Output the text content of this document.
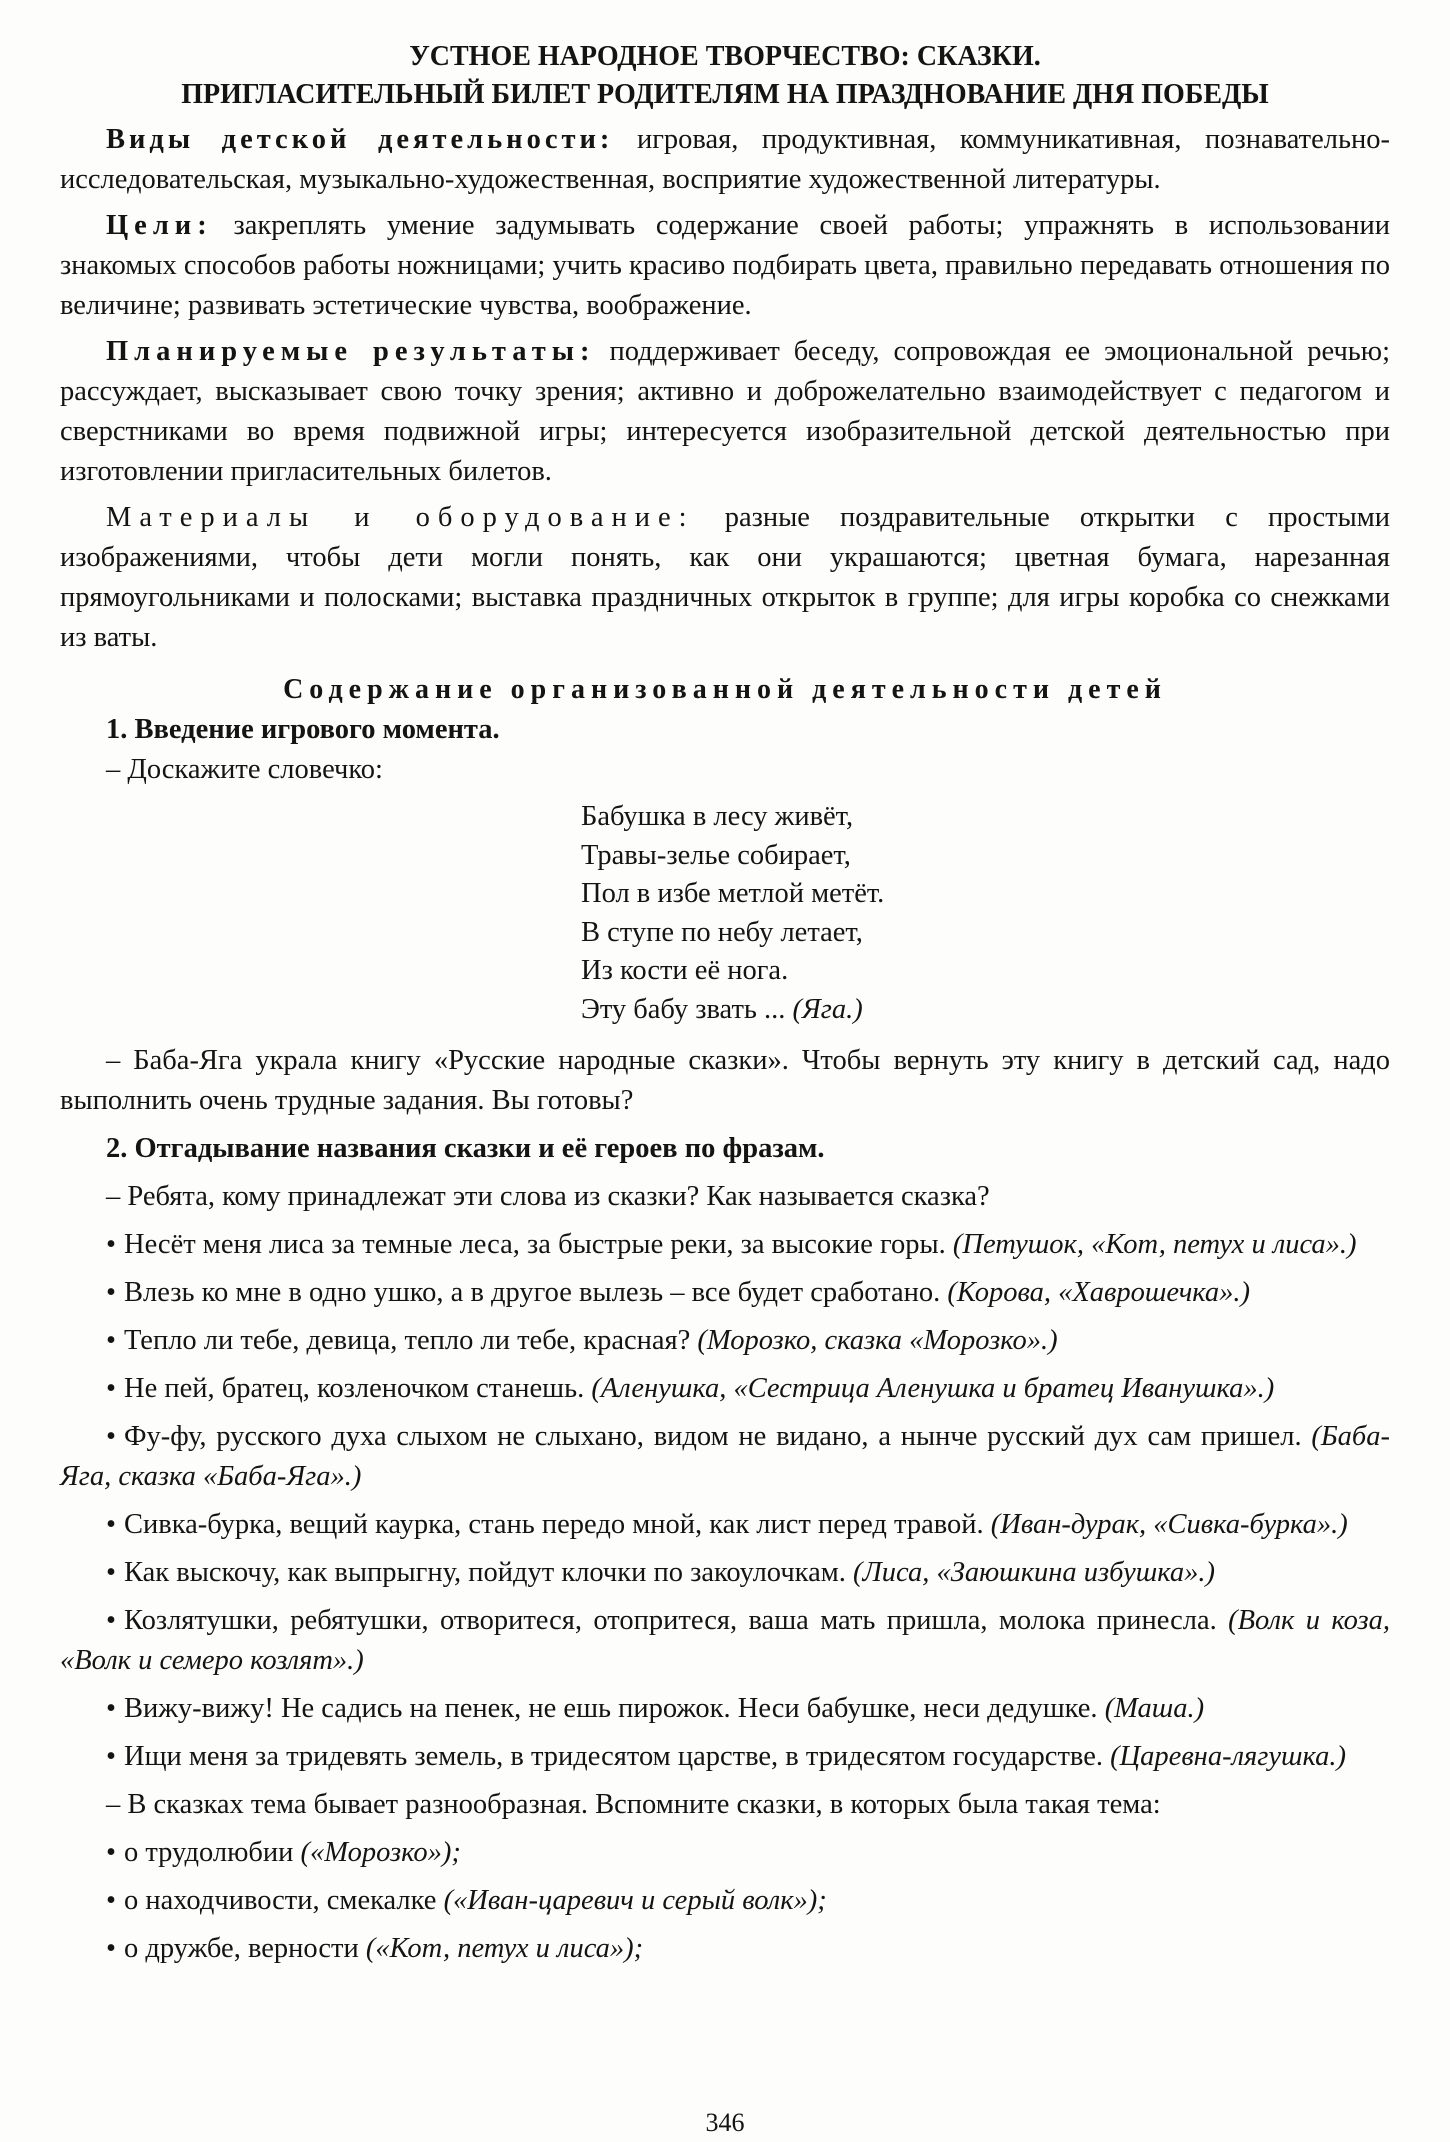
УСТНОЕ НАРОДНОЕ ТВОРЧЕСТВО: СКАЗКИ.
ПРИГЛАСИТЕЛЬНЫЙ БИЛЕТ РОДИТЕЛЯМ НА ПРАЗДНОВАНИЕ ДНЯ ПОБЕДЫ

Виды детской деятельности: игровая, продуктивная, коммуникативная, познавательно-исследовательская, музыкально-художественная, восприятие художественной литературы.

Цели: закреплять умение задумывать содержание своей работы; упражнять в использовании знакомых способов работы ножницами; учить красиво подбирать цвета, правильно передавать отношения по величине; развивать эстетические чувства, воображение.

Планируемые результаты: поддерживает беседу, сопровождая ее эмоциональной речью; рассуждает, высказывает свою точку зрения; активно и доброжелательно взаимодействует с педагогом и сверстниками во время подвижной игры; интересуется изобразительной детской деятельностью при изготовлении пригласительных билетов.

Материалы и оборудование: разные поздравительные открытки с простыми изображениями, чтобы дети могли понять, как они украшаются; цветная бумага, нарезанная прямоугольниками и полосками; выставка праздничных открыток в группе; для игры коробка со снежками из ваты.

Содержание организованной деятельности детей

1. Введение игрового момента.

– Доскажите словечко:

Бабушка в лесу живёт,
Травы-зелье собирает,
Пол в избе метлой метёт.
В ступе по небу летает,
Из кости её нога.
Эту бабу звать ... (Яга.)

– Баба-Яга украла книгу «Русские народные сказки». Чтобы вернуть эту книгу в детский сад, надо выполнить очень трудные задания. Вы готовы?

2. Отгадывание названия сказки и её героев по фразам.

– Ребята, кому принадлежат эти слова из сказки? Как называется сказка?

• Несёт меня лиса за темные леса, за быстрые реки, за высокие горы. (Петушок, «Кот, петух и лиса».)

• Влезь ко мне в одно ушко, а в другое вылезь – все будет сработано. (Корова, «Хаврошечка».)

• Тепло ли тебе, девица, тепло ли тебе, красная? (Морозко, сказка «Морозко».)

• Не пей, братец, козленочком станешь. (Аленушка, «Сестрица Аленушка и братец Иванушка».)

• Фу-фу, русского духа слыхом не слыхано, видом не видано, а нынче русский дух сам пришел. (Баба-Яга, сказка «Баба-Яга».)

• Сивка-бурка, вещий каурка, стань передо мной, как лист перед травой. (Иван-дурак, «Сивка-бурка».)

• Как выскочу, как выпрыгну, пойдут клочки по закоулочкам. (Лиса, «Заюшкина избушка».)

• Козлятушки, ребятушки, отворитеся, отопритеся, ваша мать пришла, молока принесла. (Волк и коза, «Волк и семеро козлят».)

• Вижу-вижу! Не садись на пенек, не ешь пирожок. Неси бабушке, неси дедушке. (Маша.)

• Ищи меня за тридевять земель, в тридесятом царстве, в тридесятом государстве. (Царевна-лягушка.)

– В сказках тема бывает разнообразная. Вспомните сказки, в которых была такая тема:

• о трудолюбии («Морозко»);

• о находчивости, смекалке («Иван-царевич и серый волк»);

• о дружбе, верности («Кот, петух и лиса»);

346
